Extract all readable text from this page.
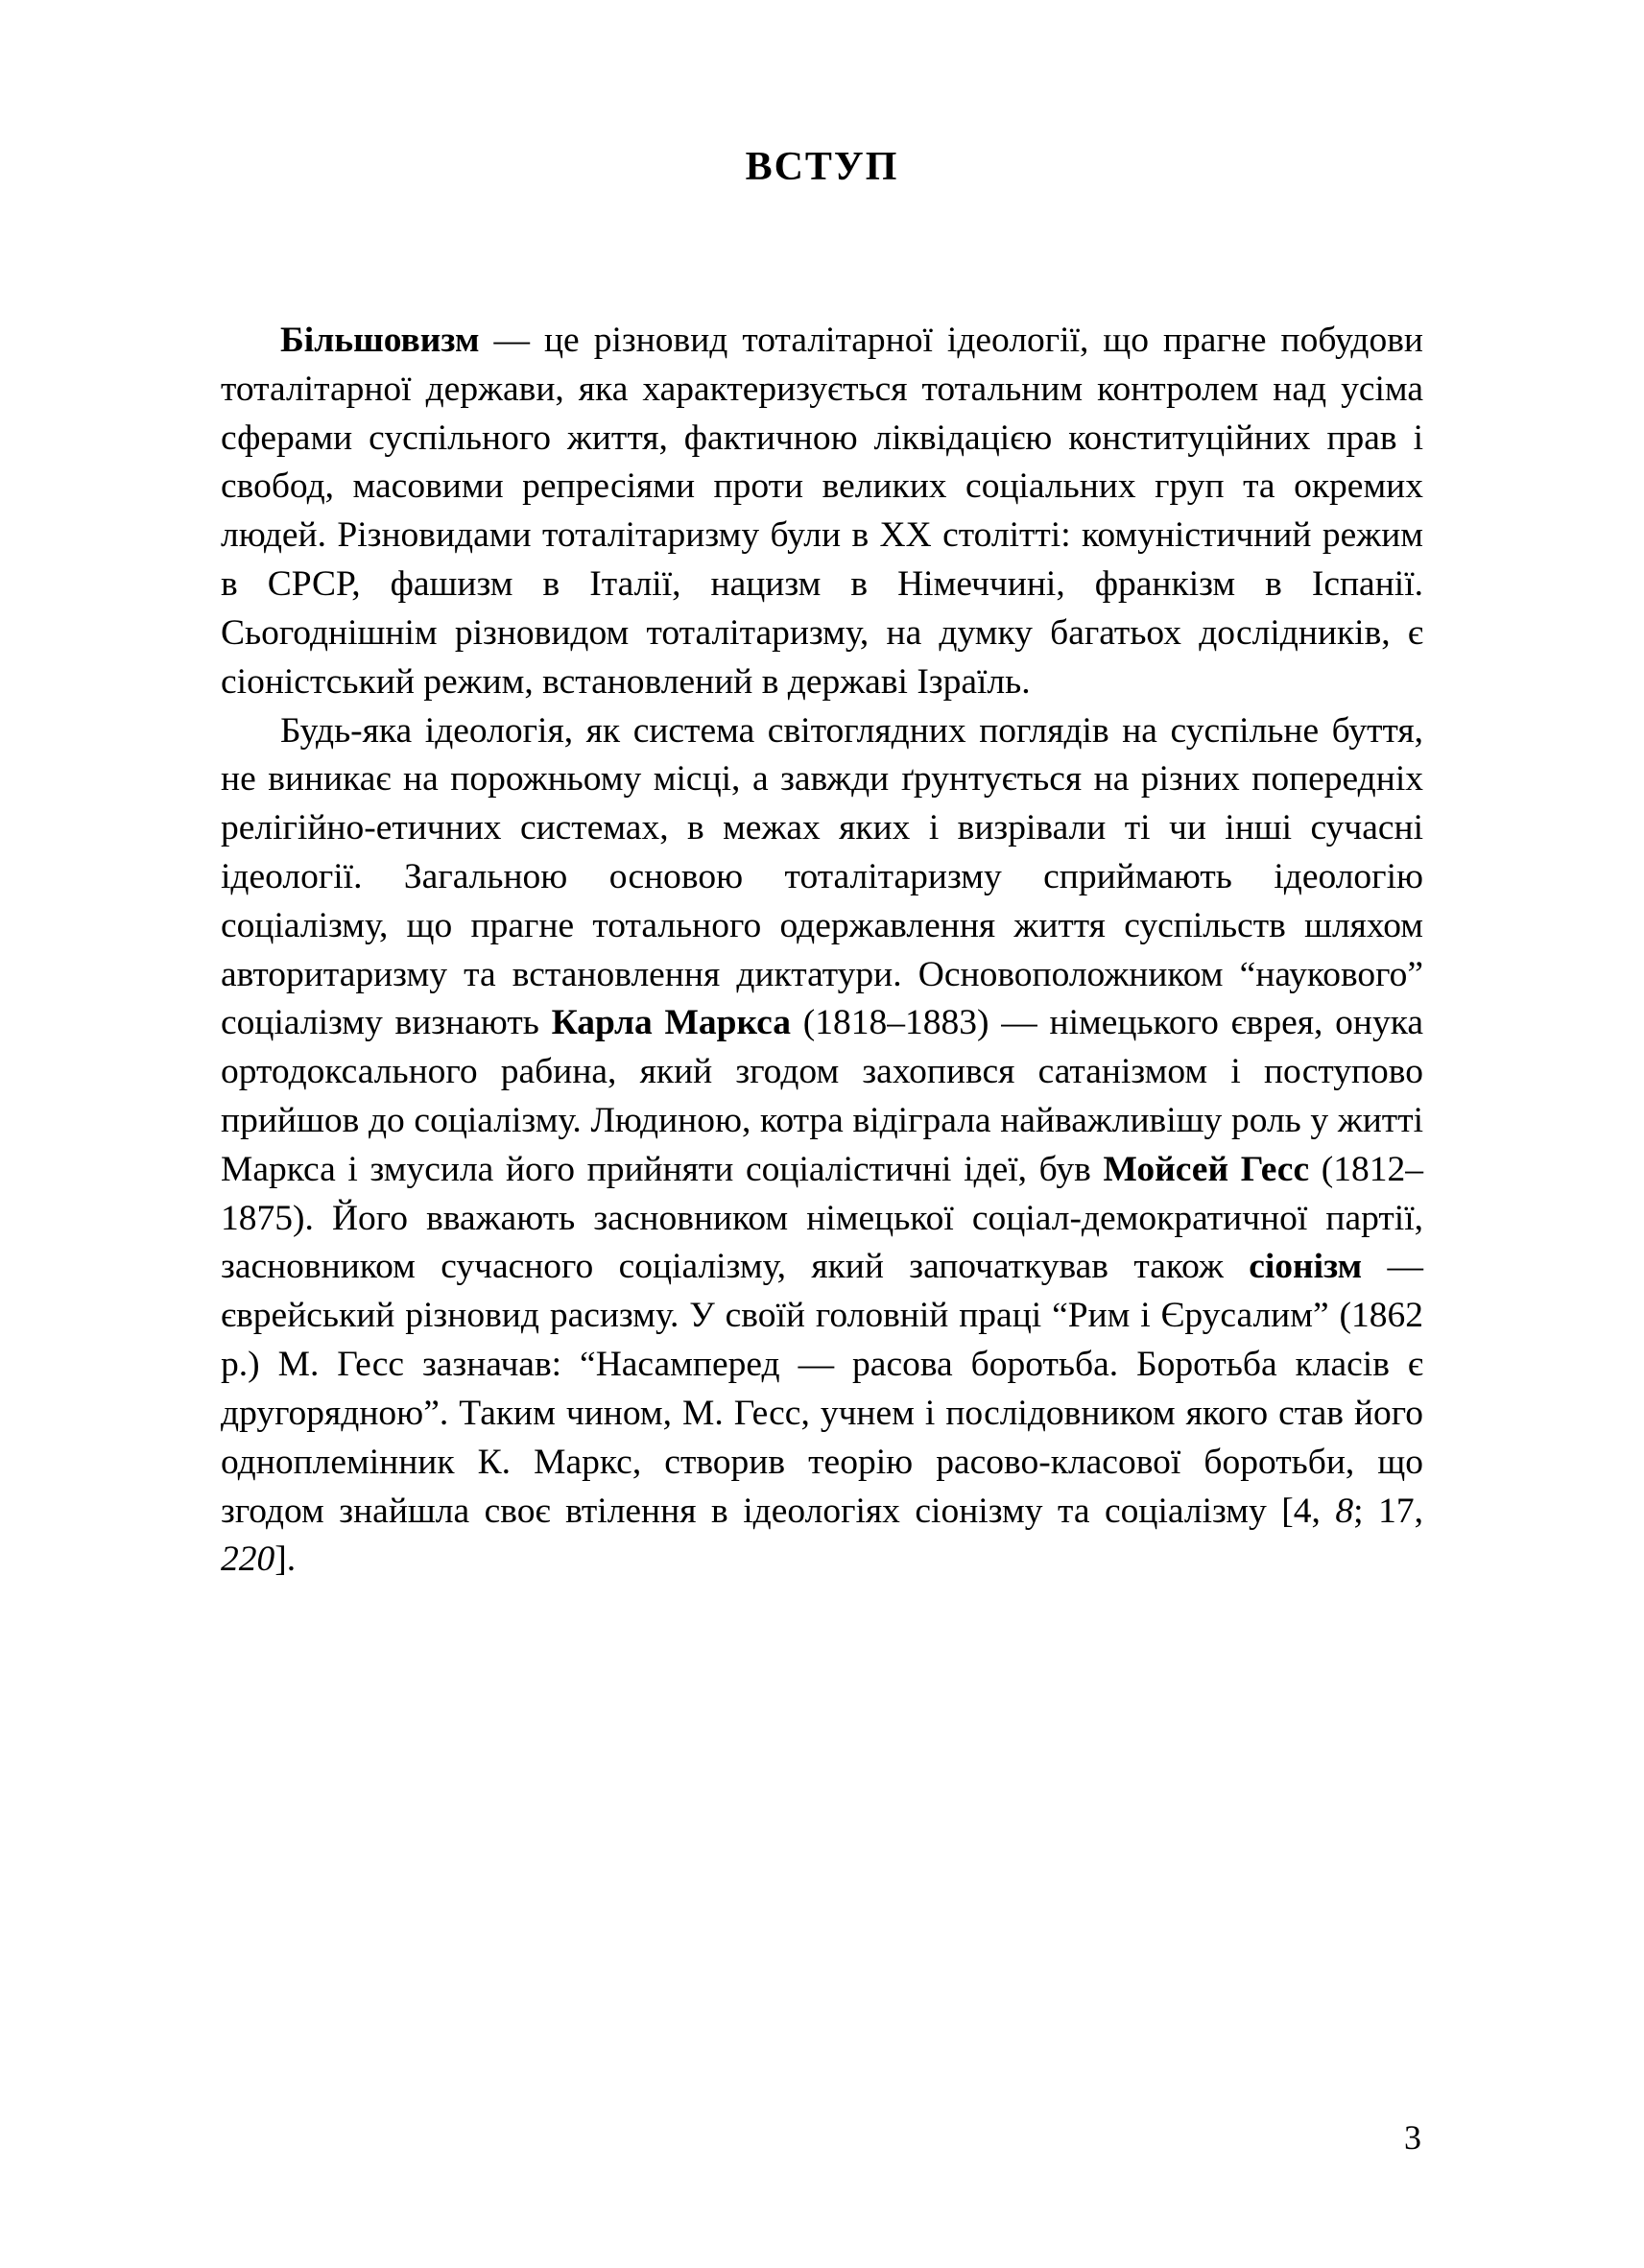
ВСТУП

Більшовизм — це різновид тоталітарної ідеології, що прагне побудови тоталітарної держави, яка характеризується тотальним контролем над усіма сферами суспільного життя, фактичною ліквідацією конституційних прав і свобод, масовими репресіями проти великих соціальних груп та окремих людей. Різновидами тоталітаризму були в ХХ столітті: комуністичний режим в СРСР, фашизм в Італії, нацизм в Німеччині, франкізм в Іспанії. Сьогоднішнім різновидом тоталітаризму, на думку багатьох дослідників, є сіоністський режим, встановлений в державі Ізраїль.

Будь-яка ідеологія, як система світоглядних поглядів на суспільне буття, не виникає на порожньому місці, а завжди ґрунтується на різних попередніх релігійно-етичних системах, в межах яких і визрівали ті чи інші сучасні ідеології. Загальною основою тоталітаризму сприймають ідеологію соціалізму, що прагне тотального одержавлення життя суспільств шляхом авторитаризму та встановлення диктатури. Основоположником “наукового” соціалізму визнають Карла Маркса (1818–1883) — німецького єврея, онука ортодоксального рабина, який згодом захопився сатанізмом і поступово прийшов до соціалізму. Людиною, котра відіграла найважливішу роль у житті Маркса і змусила його прийняти соціалістичні ідеї, був Мойсей Гесс (1812–1875). Його вважають засновником німецької соціал-демократичної партії, засновником сучасного соціалізму, який започаткував також сіонізм — єврейський різновид расизму. У своїй головній праці “Рим і Єрусалим” (1862 р.) М. Гесс зазначав: “Насамперед — расова боротьба. Боротьба класів є другорядною”. Таким чином, М. Гесс, учнем і послідовником якого став його одноплемінник К. Маркс, створив теорію расово-класової боротьби, що згодом знайшла своє втілення в ідеологіях сіонізму та соціалізму [4, 8; 17, 220].

3
